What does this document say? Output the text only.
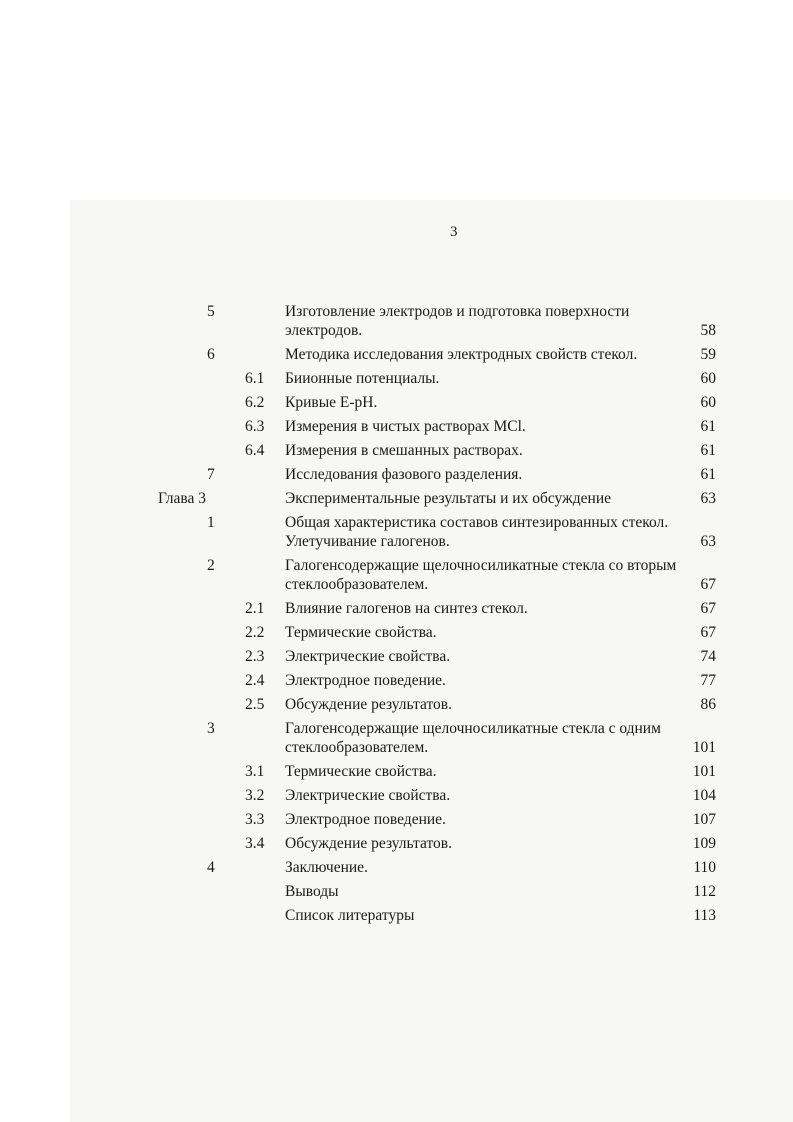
3
5	Изготовление электродов и подготовка поверхности электродов.	58
6	Методика исследования электродных свойств стекол.	59
6.1 Биионные потенциалы.	60
6.2 Кривые E-pH.	60
6.3 Измерения в чистых растворах MCl.	61
6.4 Измерения в смешанных растворах.	61
7	Исследования фазового разделения.	61
Глава 3	Экспериментальные результаты и их обсуждение	63
1	Общая характеристика составов синтезированных стекол. Улетучивание галогенов.	63
2	Галогенсодержащие щелочносиликатные стекла со вторым стеклообразователем.	67
2.1 Влияние галогенов на синтез стекол.	67
2.2 Термические свойства.	67
2.3 Электрические свойства.	74
2.4 Электродное поведение.	77
2.5 Обсуждение результатов.	86
3	Галогенсодержащие щелочносиликатные стекла с одним стеклообразователем.	101
3.1 Термические свойства.	101
3.2 Электрические свойства.	104
3.3 Электродное поведение.	107
3.4 Обсуждение результатов.	109
4	Заключение.	110
Выводы	112
Список литературы	113
